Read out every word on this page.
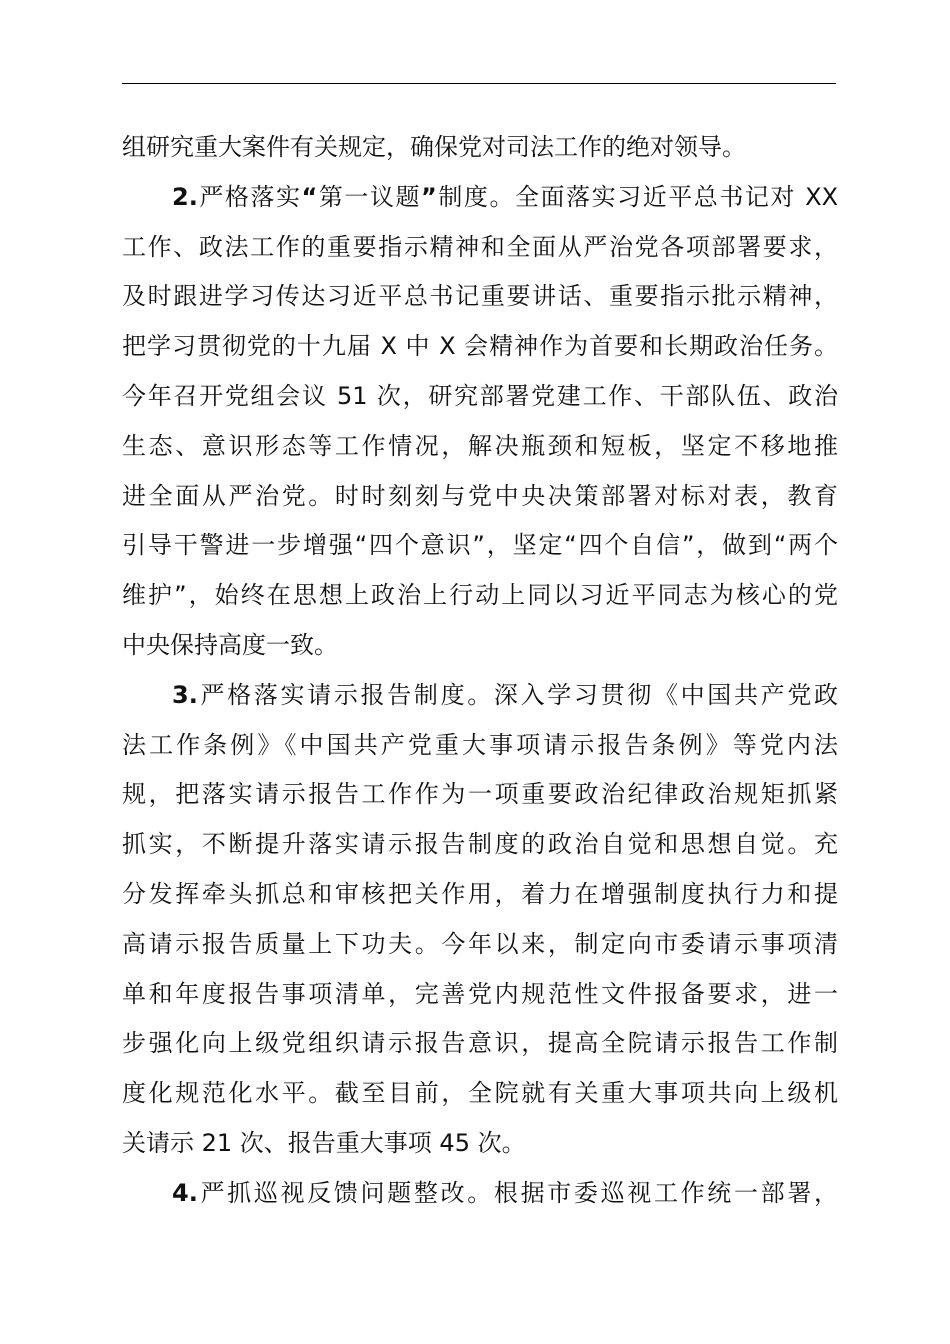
组研究重大案件有关规定，确保党对司法工作的绝对领导。
2.严格落实“第一议题”制度。全面落实习近平总书记对 XX
工作、政法工作的重要指示精神和全面从严治党各项部署要求，
及时跟进学习传达习近平总书记重要讲话、重要指示批示精神，
把学习贯彻党的十九届 X 中 X 会精神作为首要和长期政治任务。
今年召开党组会议 51 次，研究部署党建工作、干部队伍、政治
生态、意识形态等工作情况，解决瓶颈和短板，坚定不移地推
进全面从严治党。时时刻刻与党中央决策部署对标对表，教育
引导干警进一步增强“四个意识”，坚定“四个自信”，做到“两个
维护”，始终在思想上政治上行动上同以习近平同志为核心的党
中央保持高度一致。
3.严格落实请示报告制度。深入学习贯彻《中国共产党政
法工作条例》《中国共产党重大事项请示报告条例》等党内法
规，把落实请示报告工作作为一项重要政治纪律政治规矩抓紧
抓实，不断提升落实请示报告制度的政治自觉和思想自觉。充
分发挥牵头抓总和审核把关作用，着力在增强制度执行力和提
高请示报告质量上下功夫。今年以来，制定向市委请示事项清
单和年度报告事项清单，完善党内规范性文件报备要求，进一
步强化向上级党组织请示报告意识，提高全院请示报告工作制
度化规范化水平。截至目前，全院就有关重大事项共向上级机
关请示 21 次、报告重大事项 45 次。
4.严抓巡视反馈问题整改。根据市委巡视工作统一部署，
